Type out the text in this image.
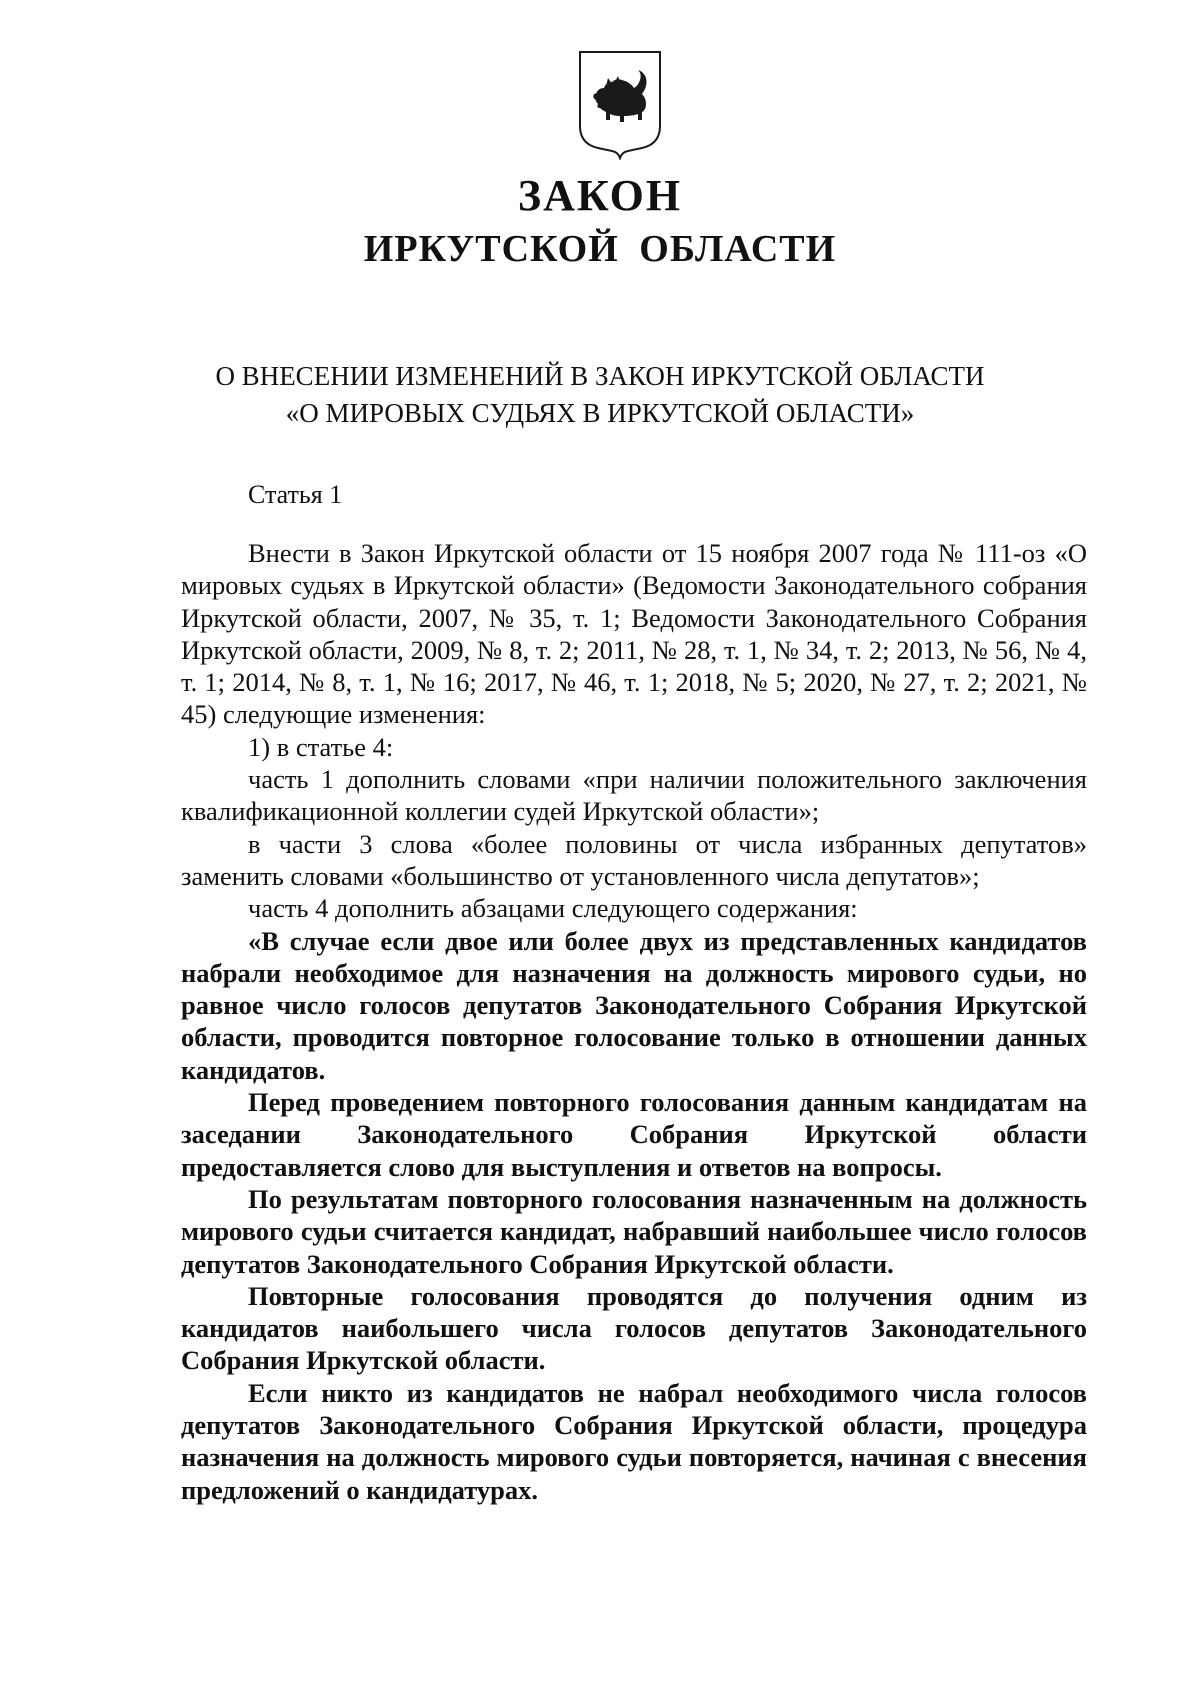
ЗАКОН
ИРКУТСКОЙ ОБЛАСТИ
О ВНЕСЕНИИ ИЗМЕНЕНИЙ В ЗАКОН ИРКУТСКОЙ ОБЛАСТИ
«О МИРОВЫХ СУДЬЯХ В ИРКУТСКОЙ ОБЛАСТИ»
Статья 1

Внести в Закон Иркутской области от 15 ноября 2007 года № 111-оз «О мировых судьях в Иркутской области» (Ведомости Законодательного собрания Иркутской области, 2007, № 35, т. 1; Ведомости Законодательного Собрания Иркутской области, 2009, № 8, т. 2; 2011, № 28, т. 1, № 34, т. 2; 2013, № 56, № 4, т. 1; 2014, № 8, т. 1, № 16; 2017, № 46, т. 1; 2018, № 5; 2020, № 27, т. 2; 2021, № 45) следующие изменения:

1) в статье 4:

часть 1 дополнить словами «при наличии положительного заключения квалификационной коллегии судей Иркутской области»;

в части 3 слова «более половины от числа избранных депутатов» заменить словами «большинство от установленного числа депутатов»;

часть 4 дополнить абзацами следующего содержания:

«В случае если двое или более двух из представленных кандидатов набрали необходимое для назначения на должность мирового судьи, но равное число голосов депутатов Законодательного Собрания Иркутской области, проводится повторное голосование только в отношении данных кандидатов.

Перед проведением повторного голосования данным кандидатам на заседании Законодательного Собрания Иркутской области предоставляется слово для выступления и ответов на вопросы.

По результатам повторного голосования назначенным на должность мирового судьи считается кандидат, набравший наибольшее число голосов депутатов Законодательного Собрания Иркутской области.

Повторные голосования проводятся до получения одним из кандидатов наибольшего числа голосов депутатов Законодательного Собрания Иркутской области.

Если никто из кандидатов не набрал необходимого числа голосов депутатов Законодательного Собрания Иркутской области, процедура назначения на должность мирового судьи повторяется, начиная с внесения предложений о кандидатурах.
